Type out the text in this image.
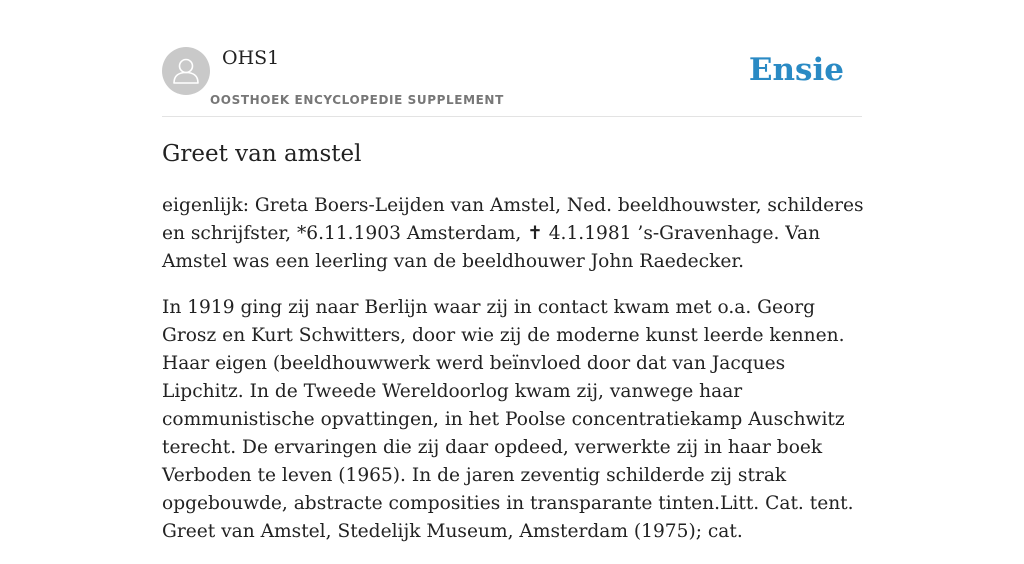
OHS1
OOSTHOEK ENCYCLOPEDIE SUPPLEMENT
Ensie
Greet van amstel

eigenlijk: Greta Boers-Leijden van Amstel, Ned. beeldhouwster, schilderes en schrijfster, *6.11.1903 Amsterdam, ✝ 4.1.1981 ’s-Gravenhage. Van Amstel was een leerling van de beeldhouwer John Raedecker.

In 1919 ging zij naar Berlijn waar zij in contact kwam met o.a. Georg Grosz en Kurt Schwitters, door wie zij de moderne kunst leerde kennen. Haar eigen (beeldhouwwerk werd beïnvloed door dat van Jacques Lipchitz. In de Tweede Wereldoorlog kwam zij, vanwege haar communistische opvattingen, in het Poolse concentratiekamp Auschwitz terecht. De ervaringen die zij daar opdeed, verwerkte zij in haar boek Verboden te leven (1965). In de jaren zeventig schilderde zij strak opgebouwde, abstracte composities in transparante tinten.Litt. Cat. tent. Greet van Amstel, Stedelijk Museum, Amsterdam (1975); cat.
